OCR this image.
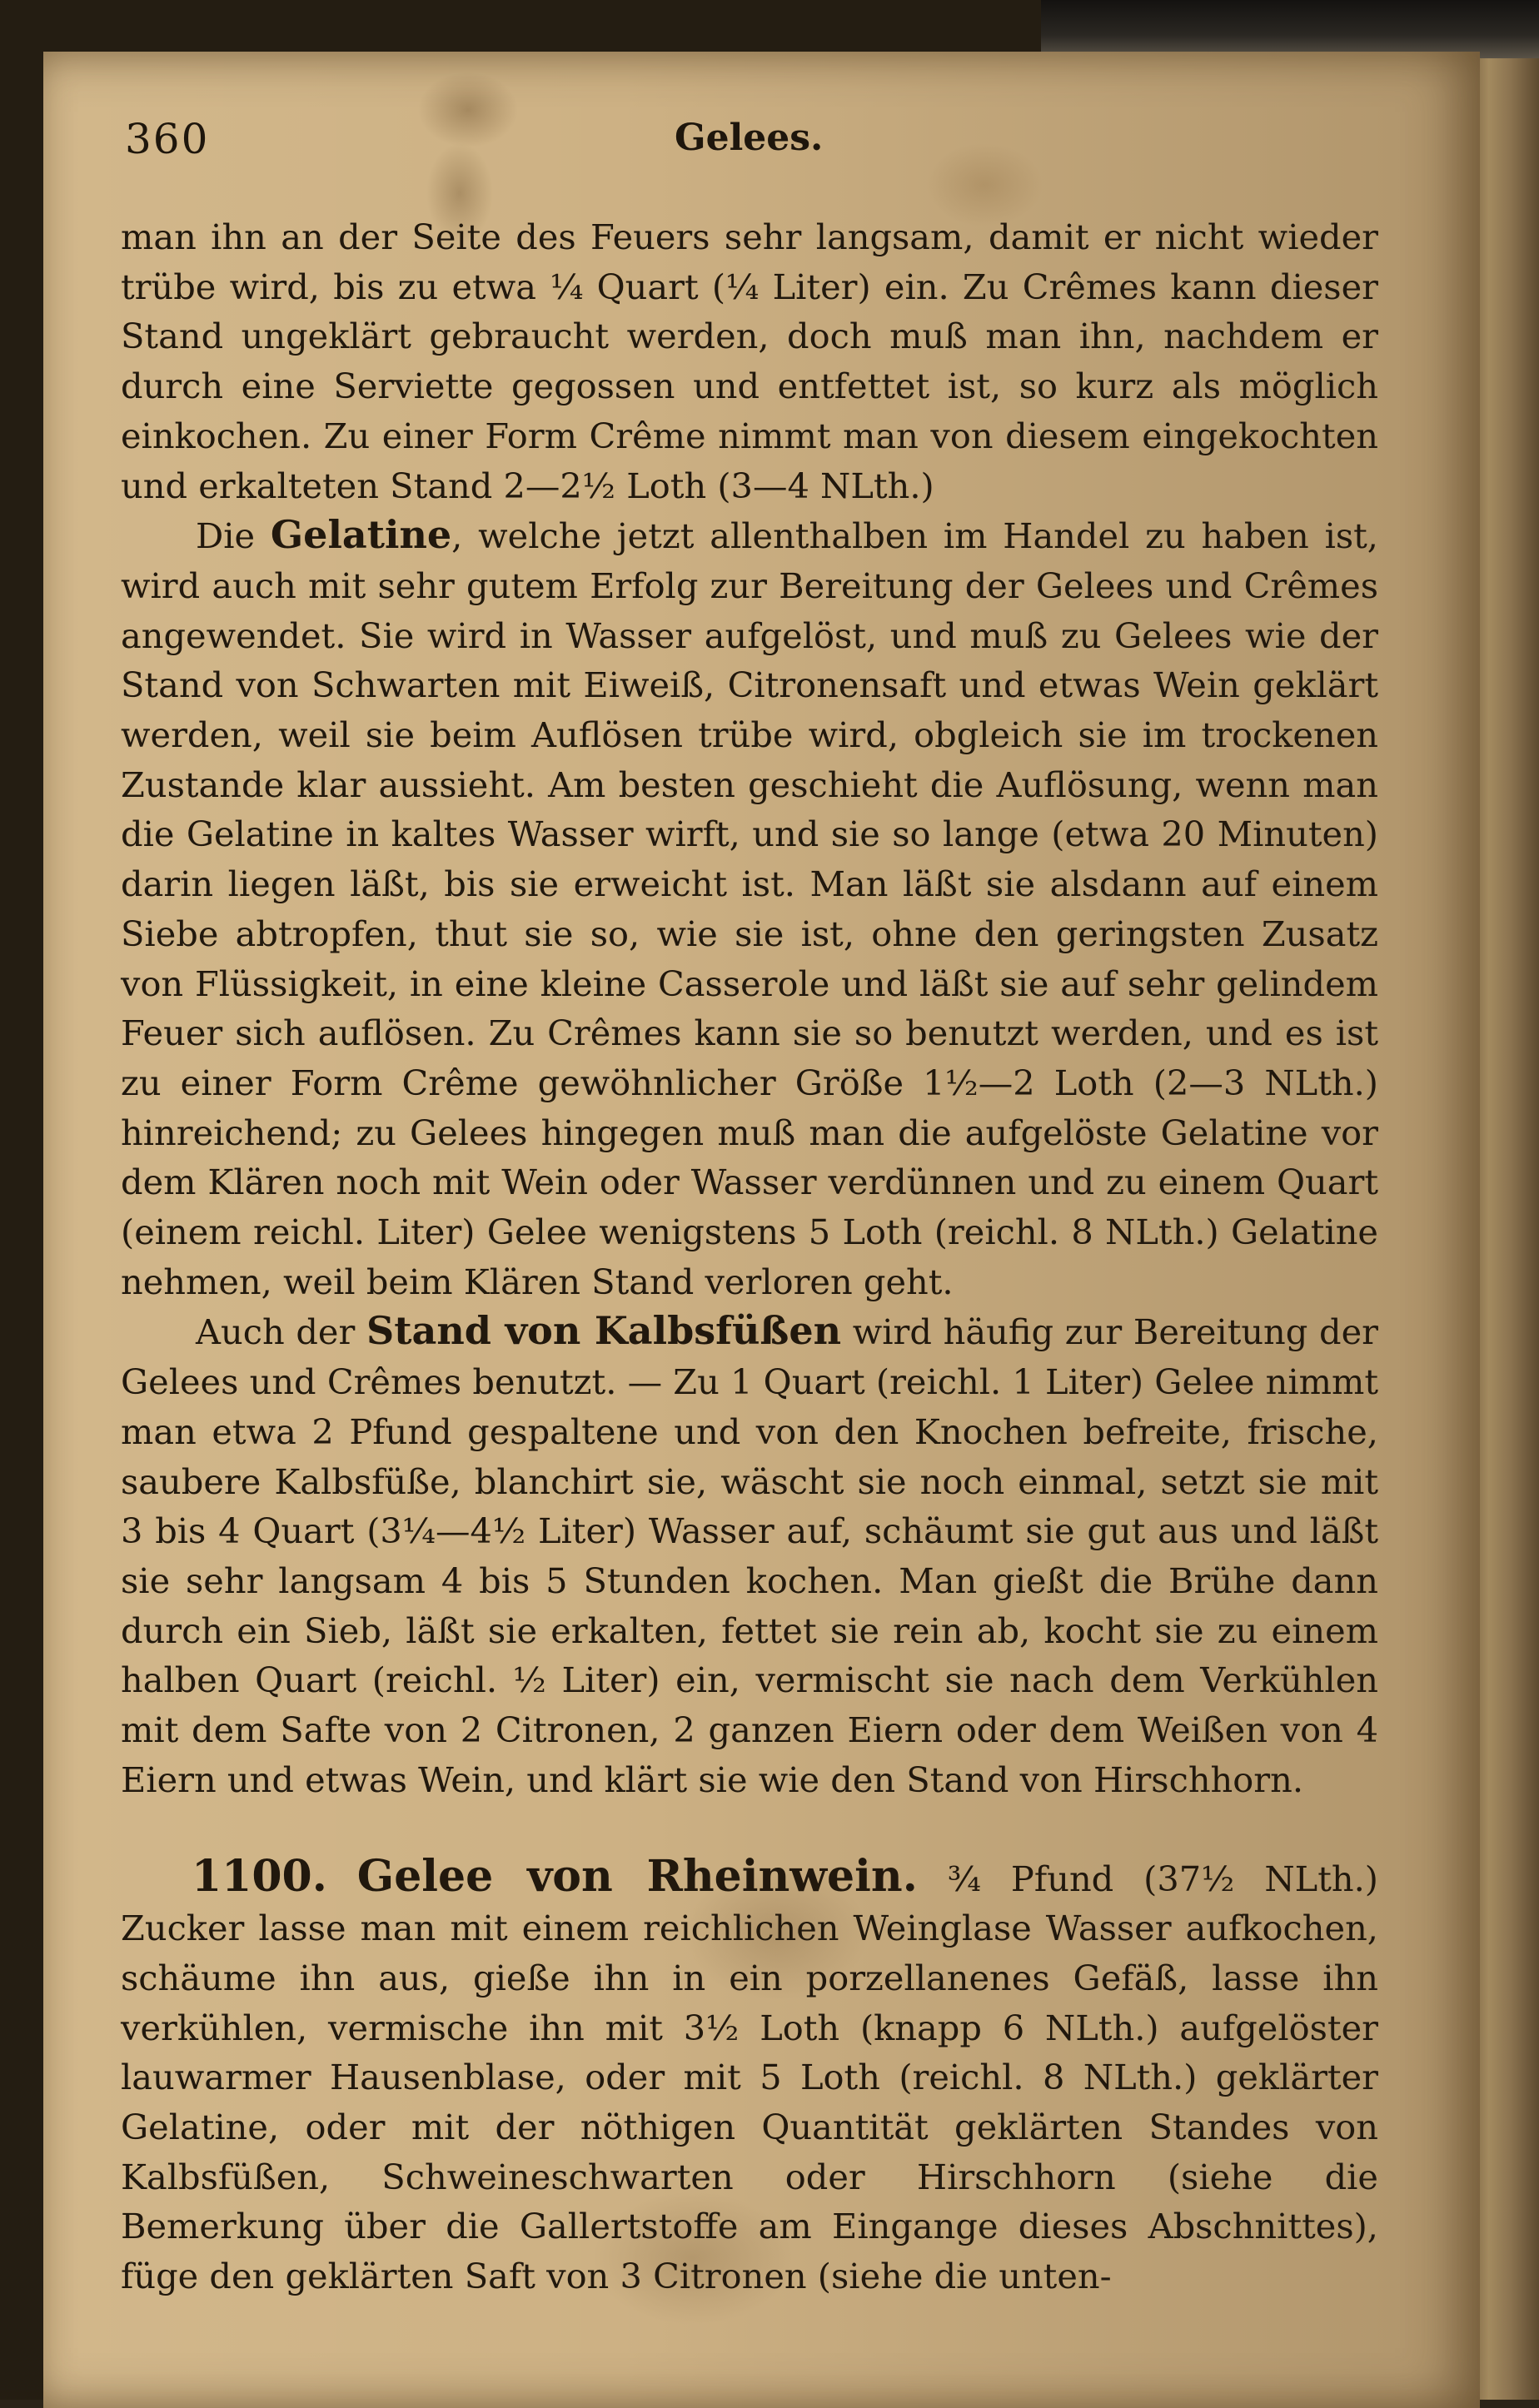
360	Gelees.

man ihn an der Seite des Feuers sehr langsam, damit er nicht wieder trübe wird, bis zu etwa ¼ Quart (¼ Liter) ein. Zu Crêmes kann dieser Stand ungeklärt gebraucht werden, doch muß man ihn, nachdem er durch eine Serviette gegossen und entfettet ist, so kurz als möglich einkochen. Zu einer Form Crême nimmt man von diesem eingekochten und erkalteten Stand 2—2½ Loth (3—4 NLth.)

Die Gelatine, welche jetzt allenthalben im Handel zu haben ist, wird auch mit sehr gutem Erfolg zur Bereitung der Gelees und Crêmes angewendet. Sie wird in Wasser aufgelöst, und muß zu Gelees wie der Stand von Schwarten mit Eiweiß, Citronensaft und etwas Wein geklärt werden, weil sie beim Auflösen trübe wird, obgleich sie im trockenen Zustande klar aussieht. Am besten geschieht die Auflösung, wenn man die Gelatine in kaltes Wasser wirft, und sie so lange (etwa 20 Minuten) darin liegen läßt, bis sie erweicht ist. Man läßt sie alsdann auf einem Siebe abtropfen, thut sie so, wie sie ist, ohne den geringsten Zusatz von Flüssigkeit, in eine kleine Casserole und läßt sie auf sehr gelindem Feuer sich auflösen. Zu Crêmes kann sie so benutzt werden, und es ist zu einer Form Crême gewöhnlicher Größe 1½—2 Loth (2—3 NLth.) hinreichend; zu Gelees hingegen muß man die aufgelöste Gelatine vor dem Klären noch mit Wein oder Wasser verdünnen und zu einem Quart (einem reichl. Liter) Gelee wenigstens 5 Loth (reichl. 8 NLth.) Gelatine nehmen, weil beim Klären Stand verloren geht.

Auch der Stand von Kalbsfüßen wird häufig zur Bereitung der Gelees und Crêmes benutzt. — Zu 1 Quart (reichl. 1 Liter) Gelee nimmt man etwa 2 Pfund gespaltene und von den Knochen befreite, frische, saubere Kalbsfüße, blanchirt sie, wäscht sie noch einmal, setzt sie mit 3 bis 4 Quart (3¼—4½ Liter) Wasser auf, schäumt sie gut aus und läßt sie sehr langsam 4 bis 5 Stunden kochen. Man gießt die Brühe dann durch ein Sieb, läßt sie erkalten, fettet sie rein ab, kocht sie zu einem halben Quart (reichl. ½ Liter) ein, vermischt sie nach dem Verkühlen mit dem Safte von 2 Citronen, 2 ganzen Eiern oder dem Weißen von 4 Eiern und etwas Wein, und klärt sie wie den Stand von Hirschhorn.

1100. Gelee von Rheinwein. ¾ Pfund (37½ NLth.) Zucker lasse man mit einem reichlichen Weinglase Wasser aufkochen, schäume ihn aus, gieße ihn in ein porzellanenes Gefäß, lasse ihn verkühlen, vermische ihn mit 3½ Loth (knapp 6 NLth.) aufgelöster lauwarmer Hausenblase, oder mit 5 Loth (reichl. 8 NLth.) geklärter Gelatine, oder mit der nöthigen Quantität geklärten Standes von Kalbsfüßen, Schweineschwarten oder Hirschhorn (siehe die Bemerkung über die Gallertstoffe am Eingange dieses Abschnittes), füge den geklärten Saft von 3 Citronen (siehe die unten-
